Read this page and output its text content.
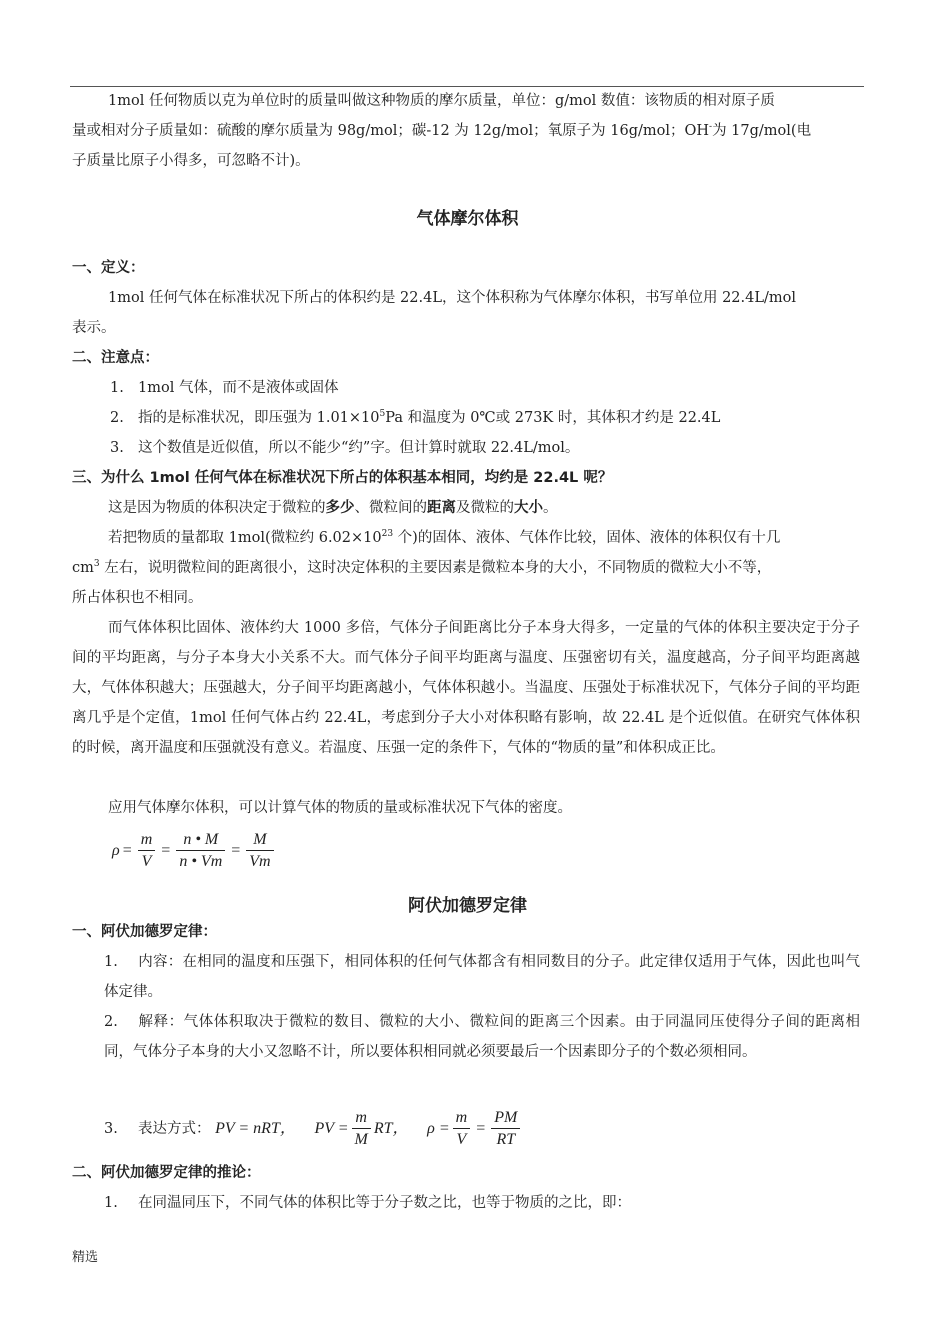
1mol 任何物质以克为单位时的质量叫做这种物质的摩尔质量，单位：g/mol 数值：该物质的相对原子质
量或相对分子质量如：硫酸的摩尔质量为 98g/mol；碳-12 为 12g/mol；氧原子为 16g/mol；OH-为 17g/mol(电
子质量比原子小得多，可忽略不计)。

气体摩尔体积
一、定义：

1mol 任何气体在标准状况下所占的体积约是 22.4L，这个体积称为气体摩尔体积，书写单位用 22.4L/mol
表示。

二、注意点：
1. 1mol 气体，而不是液体或固体
2. 指的是标准状况，即压强为 $1.01\times 10^5Pa$ 和温度为 0℃或 273K 时，其体积才约是 22.4L
3. 这个数值是近似值，所以不能少“约”字。但计算时就取 22.4L/mol。
三、为什么 1mol 任何气体在标准状况下所占的体积基本相同，均约是 22.4L 呢？

这是因为物质的体积决定于微粒的多少、微粒间的距离及微粒的大小。

若把物质的量都取 1mol(微粒约 $6.02\times 10^{23}$ 个)的固体、液体、气体作比较，固体、液体的体积仅有十几
$cm^3$ 左右，说明微粒间的距离很小，这时决定体积的主要因素是微粒本身的大小，不同物质的微粒大小不等，
所占体积也不相同。

而气体体积比固体、液体约大 1000 多倍，气体分子间距离比分子本身大得多，一定量的气体的体积主要决定于分子间的平均距离，与分子本身大小关系不大。而气体分子间平均距离与温度、压强密切有关，温度越高，分子间平均距离越大，气体体积越大；压强越大，分子间平均距离越小，气体体积越小。当温度、压强处于标准状况下，气体分子间的平均距离几乎是个定值，1mol 任何气体占约 22.4L，考虑到分子大小对体积略有影响，故 22.4L 是个近似值。在研究气体体积的时候，离开温度和压强就没有意义。若温度、压强一定的条件下，气体的“物质的量”和体积成正比。

应用气体摩尔体积，可以计算气体的物质的量或标准状况下气体的密度。

$\rho = \frac{m}{V} = \frac{n • M}{n • Vm} = \frac{M}{Vm}$
阿伏加德罗定律
一、阿伏加德罗定律：
1. 内容：在相同的温度和压强下，相同体积的任何气体都含有相同数目的分子。此定律仅适用于气体，因此也叫气体定律。
2. 解释：气体体积取决于微粒的数目、微粒的大小、微粒间的距离三个因素。由于同温同压使得分子间的距离相同，气体分子本身的大小又忽略不计，所以要体积相同就必须要最后一个因素即分子的个数必须相同。
3. 表达方式： PV = nRT， PV = $\frac{m}{M}$ RT， $\rho = \frac{m}{V} = \frac{PM}{RT}$
二、阿伏加德罗定律的推论：
1. 在同温同压下，不同气体的体积比等于分子数之比，也等于物质的之比，即：
精选
